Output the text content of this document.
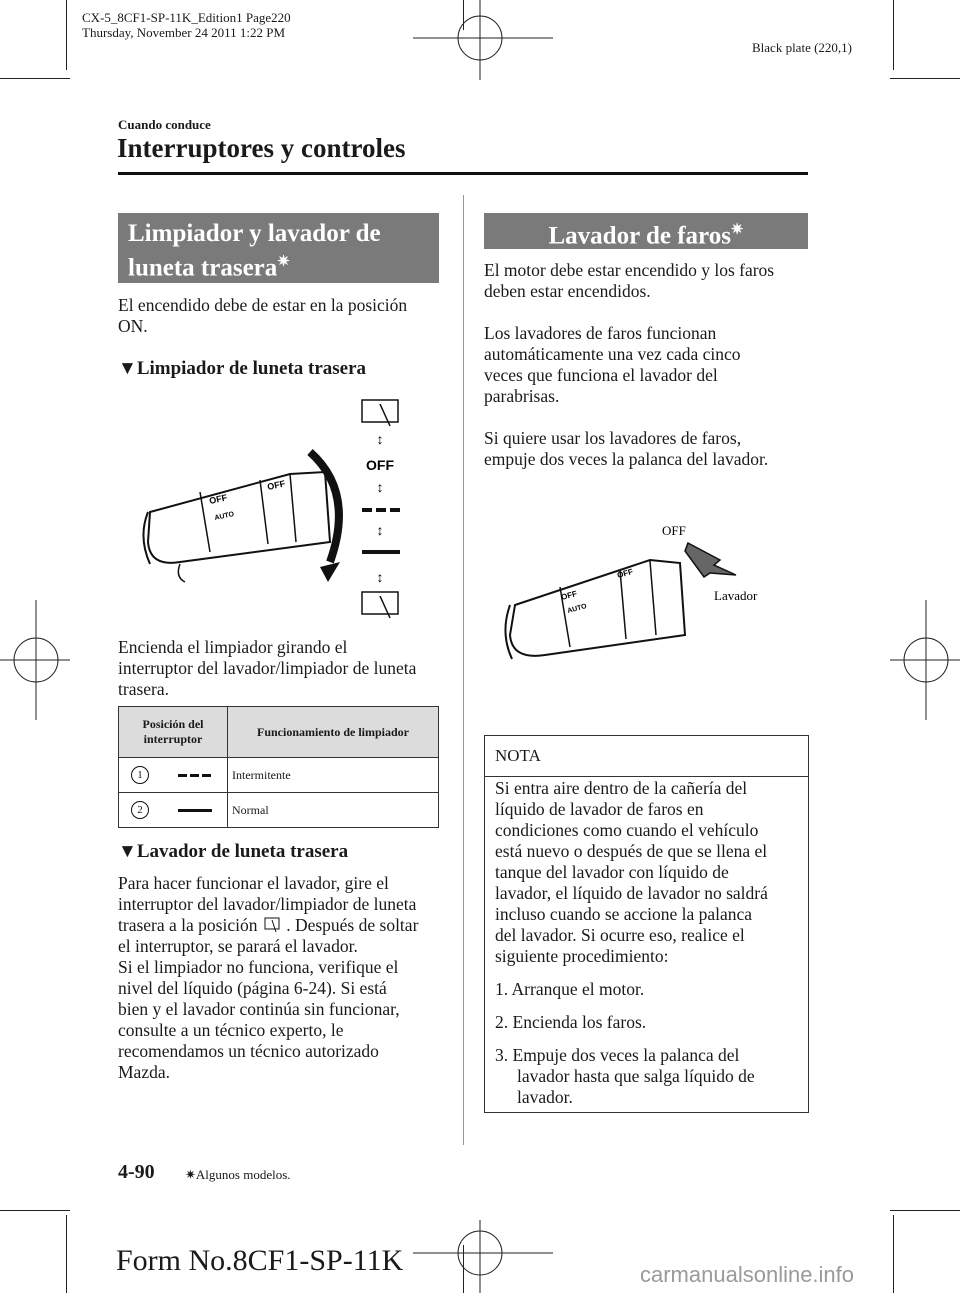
CX-5_8CF1-SP-11K_Edition1 Page220
Thursday, November 24 2011 1:22 PM
Black plate (220,1)
Cuando conduce
Interruptores y controles
Limpiador y lavador de
luneta trasera✷
El encendido debe de estar en la posición
ON.
▼Limpiador de luneta trasera
OFF
AUTO
OFF
↕
OFF
↕
↕
↕
Encienda el limpiador girando el
interruptor del lavador/limpiador de luneta
trasera.
Posición del
interruptor	Funcionamiento de limpiador
1	Intermitente
2	Normal
▼Lavador de luneta trasera
Para hacer funcionar el lavador, gire el
interruptor del lavador/limpiador de luneta
trasera a la posición . Después de soltar
el interruptor, se parará el lavador.
Si el limpiador no funciona, verifique el
nivel del líquido (página 6-24). Si está
bien y el lavador continúa sin funcionar,
consulte a un técnico experto, le
recomendamos un técnico autorizado
Mazda.
Lavador de faros✷
El motor debe estar encendido y los faros
deben estar encendidos.
Los lavadores de faros funcionan
automáticamente una vez cada cinco
veces que funciona el lavador del
parabrisas.
Si quiere usar los lavadores de faros,
empuje dos veces la palanca del lavador.
OFF
AUTO
OFF
OFF
Lavador
NOTA
Si entra aire dentro de la cañería del
líquido de lavador de faros en
condiciones como cuando el vehículo
está nuevo o después de que se llena el
tanque del lavador con líquido de
lavador, el líquido de lavador no saldrá
incluso cuando se accione la palanca
del lavador. Si ocurre eso, realice el
siguiente procedimiento:
1. Arranque el motor.
2. Encienda los faros.
3. Empuje dos veces la palanca del
lavador hasta que salga líquido de
lavador.
4-90 ✷Algunos modelos.
Form No.8CF1-SP-11K	carmanualsonline.info
